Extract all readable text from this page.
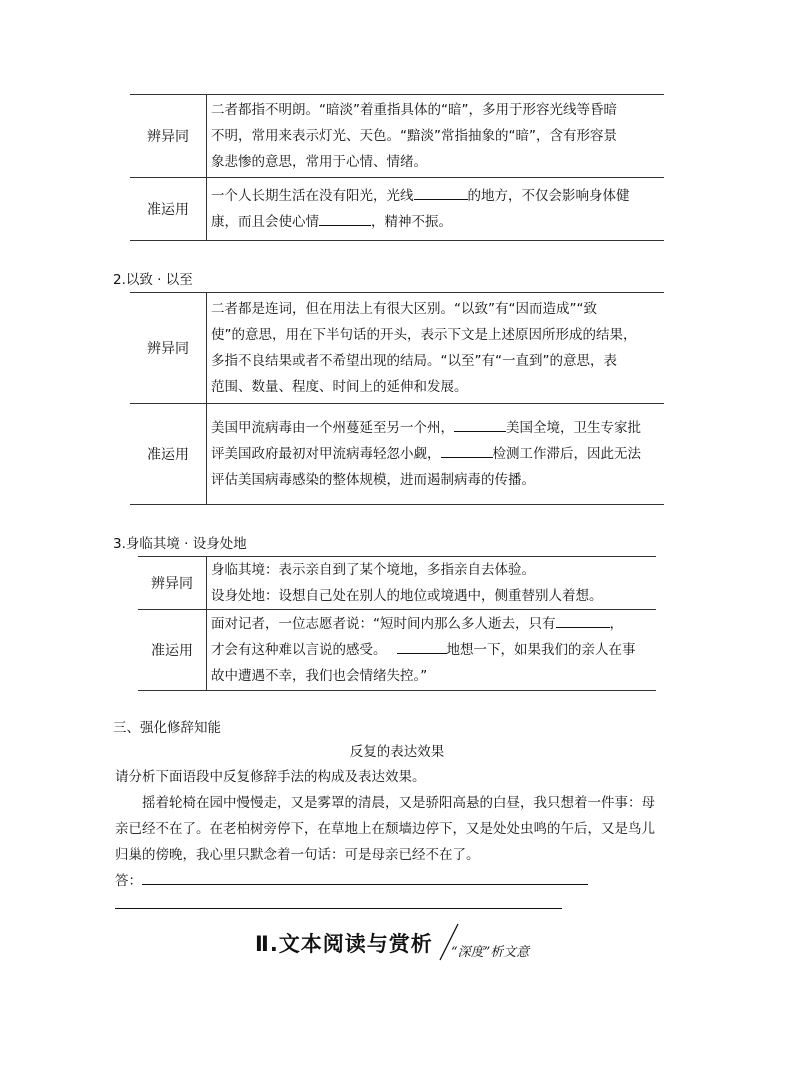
辨异同	二者都指不明朗。“暗淡”着重指具体的“暗”，多用于形容光线等昏暗
不明，常用来表示灯光、天色。“黯淡”常指抽象的“暗”，含有形容景
象悲惨的意思，常用于心情、情绪。

准运用	一个人长期生活在没有阳光，光线 的地方，不仅会影响身体健
康，而且会使心情 ，精神不振。
2.以致 · 以至
辨异同	二者都是连词，但在用法上有很大区别。“以致”有“因而造成”“致
使”的意思，用在下半句话的开头，表示下文是上述原因所形成的结果，
多指不良结果或者不希望出现的结局。“以至”有“一直到”的意思，表
范围、数量、程度、时间上的延伸和发展。

准运用	美国甲流病毒由一个州蔓延至另一个州， 美国全境，卫生专家批
评美国政府最初对甲流病毒轻忽小觑， 检测工作滞后，因此无法
评估美国病毒感染的整体规模，进而遏制病毒的传播。
3.身临其境 · 设身处地
辨异同	身临其境：表示亲自到了某个境地，多指亲自去体验。
设身处地：设想自己处在别人的地位或境遇中，侧重替别人着想。

准运用	面对记者，一位志愿者说：“短时间内那么多人逝去，只有 ，
才会有这种难以言说的感受。 地想一下，如果我们的亲人在事
故中遭遇不幸，我们也会情绪失控。”
三、强化修辞知能
反复的表达效果
请分析下面语段中反复修辞手法的构成及表达效果。
摇着轮椅在园中慢慢走，又是雾罩的清晨，又是骄阳高悬的白昼，我只想着一件事：母
亲已经不在了。在老柏树旁停下，在草地上在颓墙边停下，又是处处虫鸣的午后，又是鸟儿
归巢的傍晚，我心里只默念着一句话：可是母亲已经不在了。
答：
Ⅱ.文本阅读与赏析 “深度”析文意
